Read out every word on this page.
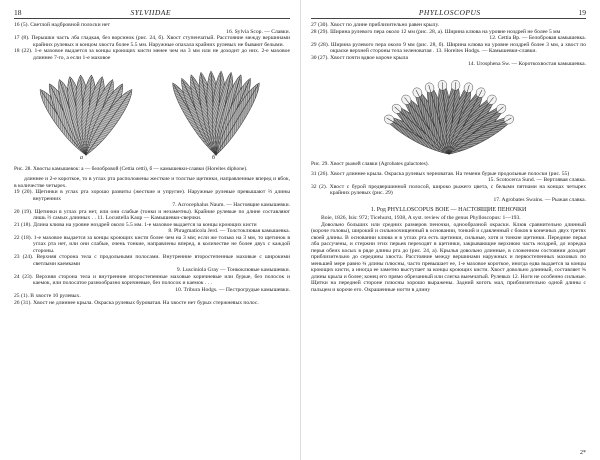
18	SYLVIIDAE

16 (5). Светлой надбровной полоски нет

16. Sylvia Scop. — Славки.

17 (8). Перышки часть лба гладкая, без ворсинок (рис. 24, б). Хвост ступенчатый. Расстояние между вершинами крайних рулевых и концом хвоста более 5.5 мм. Наружные опахала крайних рулевых не бывают белыми.

18 (22). 1-е маховое выдается за концы кроющих кисти менее чем на 3 мм или не доходит до них. 2-е маховое длиннее 7-го, а если 1-е маховое

а	б
Рис. 28. Хвосты камышевок: а — белобровой (Cettia cetti), б — камышевки-славки (Horeites diphone).

длиннее и 2-е короткое, то в углах рта расположены жесткие и толстые щетинки, направленные вперед и вбок, в количестве четырех.

19 (20). Щетинки в углах рта хорошо развиты (жесткие и упругие). Наружные рулевые превышают ⅔ длины внутренних

7. Acrocephalus Naum. — Настоящие камышевки.

20 (19). Щетинки в углах рта нет, или они слабые (тонки и незаметны). Крайние рулевые по длине составляют лишь ⅔ самых длинных . . 11. Locustella Kaup — Камышевки-сверчки.

21 (18). Длина клюва на уровне ноздрей около 5.5 мм. 1-е маховое выдается за концы кроющих кисти

8. Phragmaticola Jerd. — Толстоклювая камышевка.

22 (18). 1-е маховое выдается за концы кроющих кисти более чем на 3 мм; если же только на 3 мм, то щетинок в углах рта нет, или они слабые, очень тонкие, направлены вперед, в количестве не более двух с каждой стороны.

23 (24). Верхняя сторона тела с продольными полосами. Внутренние второстепенные маховые с широкими светлыми каемками

9. Lusciniola Gray — Тонкоклювые камышевки.

24 (23). Верхняя сторона тела и внутренние второстепенные маховые коричневые или бурые, без полосок и каемок, или полосатое разнообразно коричневые, без полосок и каемок . . .

10. Tribura Hodgs. — Пестрогрудые камышевки.

25 (1). В хвосте 10 рулевых.

26 (31). Хвост не длиннее крыла. Окраска рулевых буроватая. На хвосте нет бурых стержневых полос.

PHYLLOSCOPUS	19

27 (30). Хвост по длине приблизительно равен крылу.

28 (29). Ширина рулевого пера около 12 мм (рис. 28, а). Ширина клюва на уровне ноздрей не более 5 мм

12. Cettia Bp. — Белобровая камышевка.

29 (28). Ширина рулевого пера около 9 мм (рис. 28, б). Ширина клюва на уровне ноздрей более 3 мм, а хвост по окраске верхней стороны тела зеленоватая . 13. Horeites Hodgs. — Камышевки-славки.

30 (27). Хвост почти вдвое короче крыла

14. Urosphena Sw. — Короткохвостая камышевка.

Рис. 29. Хвост рыжей славки (Agrobates galactotes).

31 (26). Хвост длиннее крыла. Окраска рулевых черноватая. На темени бурые продольные полоски (рис. 55)

15. Scotocerca Sund. — Вертлявая славка.

32 (2). Хвост с бурой предвершинной полосой, широко рыжего цвета, с белыми пятнами на концах четырех крайних рулевых (рис. 29)

17. Agrobates Swains. — Рыжая славка.

1. Род PHYLLOSCOPUS BOIE — НАСТОЯЩИЕ ПЕНОЧКИ

Boie, 1826, Isis: 972; Ticehurst, 1938, A syst. review of the genus Phylloscopus: 1—193.

Довольно больших или средних размеров пеночки, однообразной окраски. Клюв сравнительно длинный (короче головы), широкий и сильноочищенный в основании, тонкий и сдавленный с боков в конечных двух третях своей длины. В основании клюва и в углах рта есть щетинки, сильные, хотя и тонкие щетинки. Передние перья лба рассучены, и стержни этих перьев переходят в щетинки, закрывающие верхнюю часть ноздрей, до изредка перья обеих косых в ряде длины рта до (рис. 24, а). Крылья довольно длинные, в сложенном состоянии доходят приблизительно до середины хвоста. Расстояние между вершинами наружных и первостепенных маховых по меньшей мере равно ¾ длины плюсны, часто превышает ее, 1-е маховое короткое, иногда едва выдается за концы кроющих кисти, а иногда ее заметно выступает за концы кроющих кисти. Хвост довольно длинный, составляет ¾ длины крыла и более; конец его прямо обрезанный или слегка выемчатый. Рулевых 12. Ноги не особенно сильные. Щитки на передней стороне плюсны хорошо выражены. Задний коготь мал, приблизительно одной длины с пальцем и короче его. Окрашенные ногти в длину

2*
